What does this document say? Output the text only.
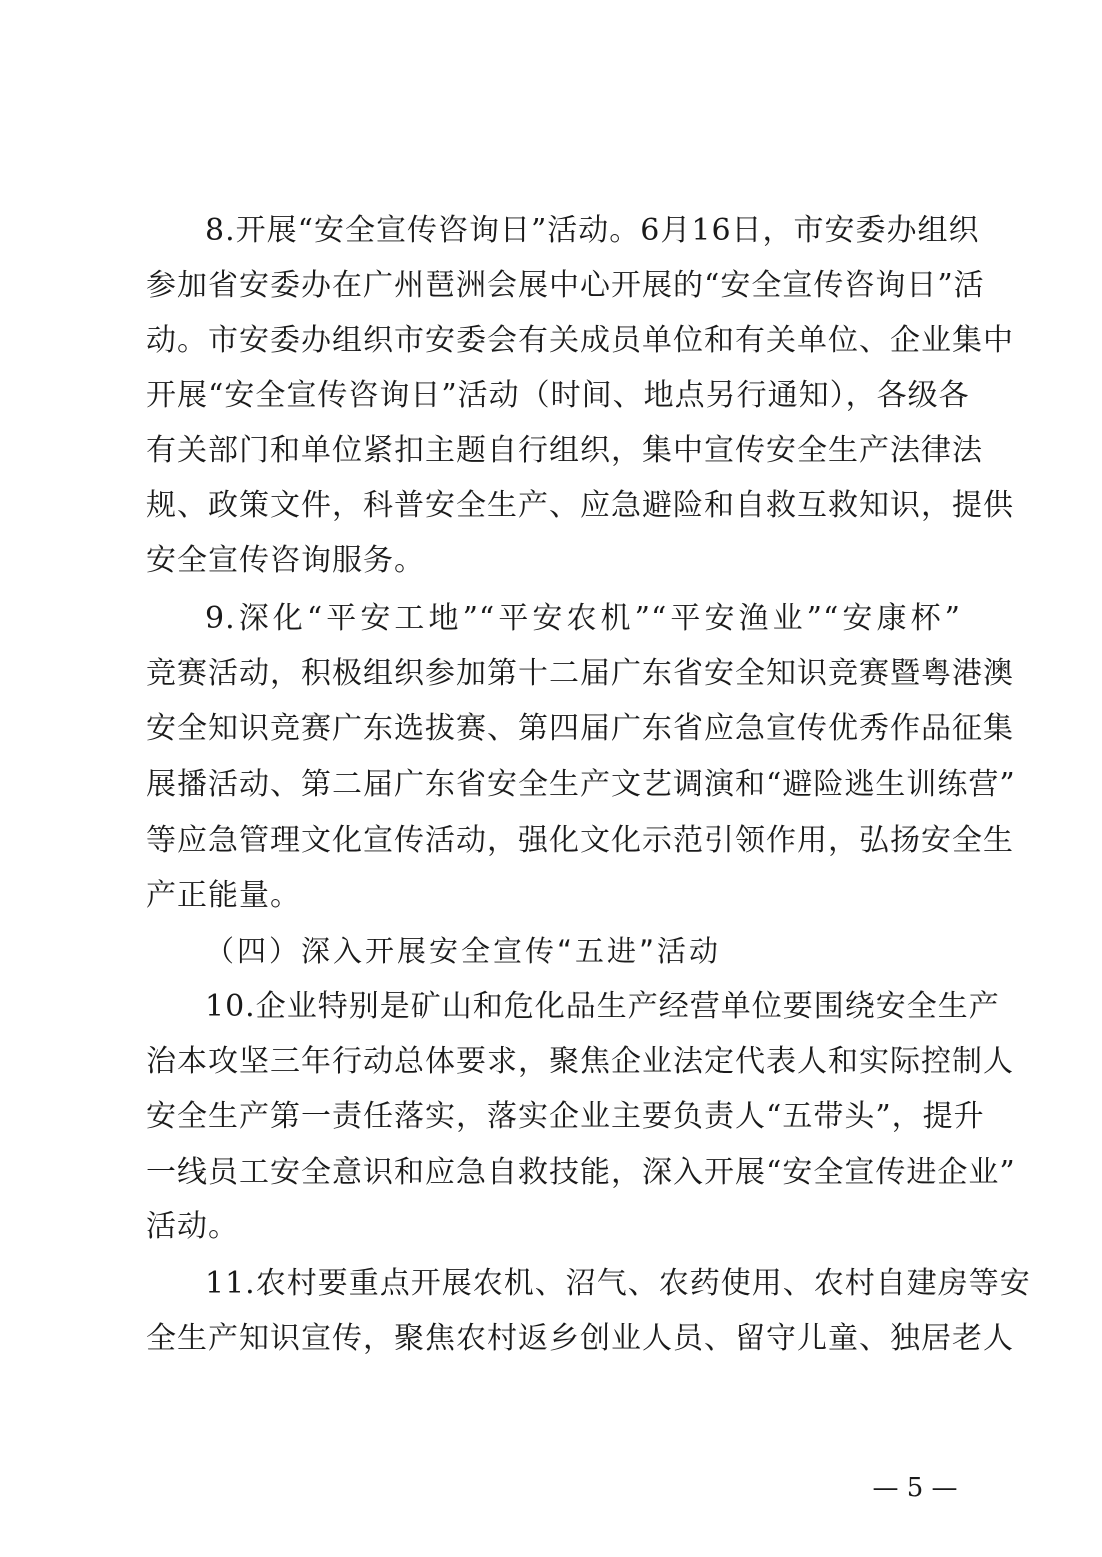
8.开展“安全宣传咨询日”活动。6月16日，市安委办组织

参加省安委办在广州琶洲会展中心开展的“安全宣传咨询日”活

动。市安委办组织市安委会有关成员单位和有关单位、企业集中

开展“安全宣传咨询日”活动（时间、地点另行通知），各级各

有关部门和单位紧扣主题自行组织，集中宣传安全生产法律法

规、政策文件，科普安全生产、应急避险和自救互救知识，提供

安全宣传咨询服务。

9.深化“平安工地”“平安农机”“平安渔业”“安康杯”

竞赛活动，积极组织参加第十二届广东省安全知识竞赛暨粤港澳

安全知识竞赛广东选拔赛、第四届广东省应急宣传优秀作品征集

展播活动、第二届广东省安全生产文艺调演和“避险逃生训练营”

等应急管理文化宣传活动，强化文化示范引领作用，弘扬安全生

产正能量。

（四）深入开展安全宣传“五进”活动

10.企业特别是矿山和危化品生产经营单位要围绕安全生产

治本攻坚三年行动总体要求，聚焦企业法定代表人和实际控制人

安全生产第一责任落实，落实企业主要负责人“五带头”，提升

一线员工安全意识和应急自救技能，深入开展“安全宣传进企业”

活动。

11.农村要重点开展农机、沼气、农药使用、农村自建房等安

全生产知识宣传，聚焦农村返乡创业人员、留守儿童、独居老人

— 5 —
